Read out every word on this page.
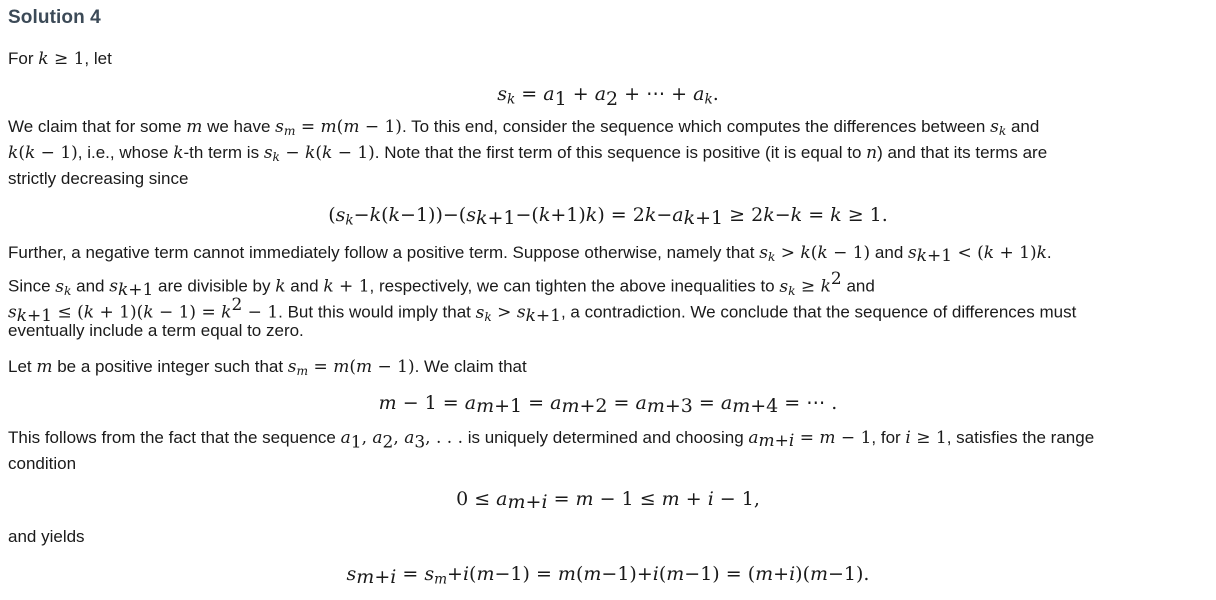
Solution 4
For k ≥ 1, let
$s_k = a_1 + a_2$ + ⋯ + $a_k$.
We claim that for some m we have $s_m = m(m - 1)$. To this end, consider the sequence which computes the differences between $s_k$ and
k(k − 1), i.e., whose k-th term is $s_k - k(k - 1)$. Note that the first term of this sequence is positive (it is equal to n) and that its terms are
strictly decreasing since
$(s_k-k(k-1))-(s_{k+1}-(k+1)k) = 2k-a_{k+1} \ge 2k-k = k \ge 1$.
Further, a negative term cannot immediately follow a positive term. Suppose otherwise, namely that $s_k > k(k - 1)$ and $s_{k+1} < (k + 1)k$.
Since $s_k$ and $s_{k+1}$ are divisible by k and k + 1, respectively, we can tighten the above inequalities to $s_k \ge k^2$ and
$s_{k+1} \le (k + 1)(k - 1) = k^2 - 1$. But this would imply that $s_k > s_{k+1}$, a contradiction. We conclude that the sequence of differences must
eventually include a term equal to zero.
Let m be a positive integer such that $s_m = m(m - 1)$. We claim that
$m - 1 = a_{m+1} = a_{m+2} = a_{m+3} = a_{m+4}$ = ⋯ .
This follows from the fact that the sequence $a_1$, $a_2$, $a_3$, . . . is uniquely determined and choosing $a_{m+i} = m - 1$, for i ≥ 1, satisfies the range
condition
$0 \le a_{m+i} = m - 1 \le m + i - 1$,
and yields
$s_{m+i} = s_m+i(m-1) = m(m-1)+i(m-1) = (m+i)(m-1)$.
